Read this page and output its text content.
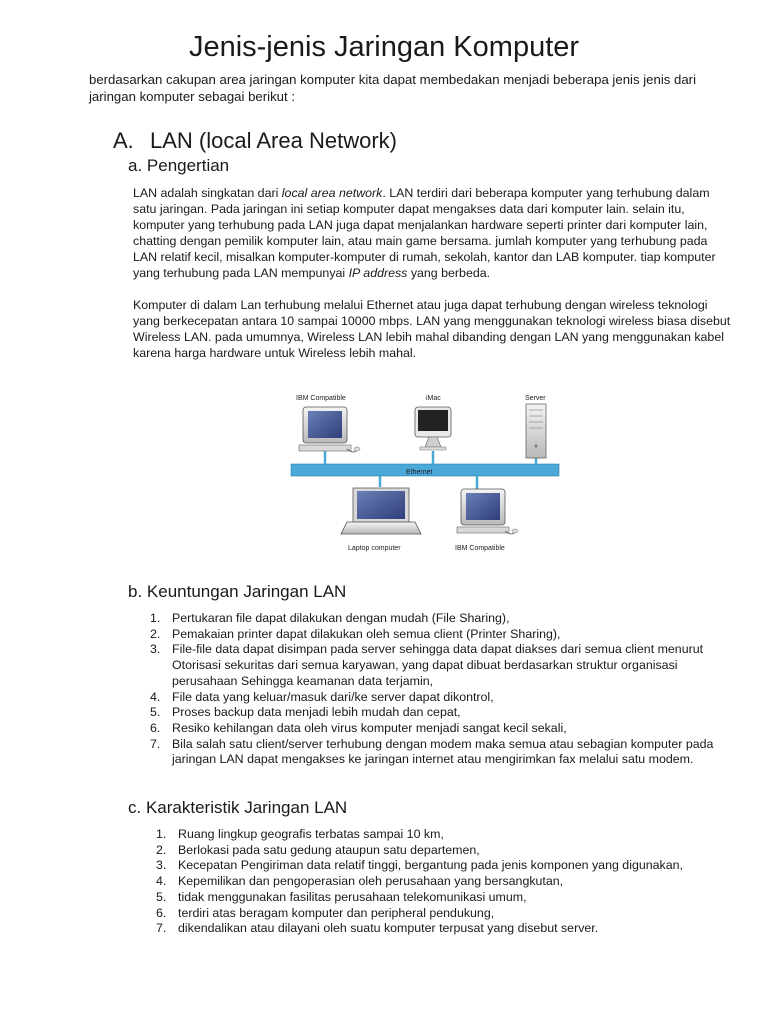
Jenis-jenis Jaringan Komputer
berdasarkan cakupan area jaringan komputer kita dapat membedakan menjadi beberapa jenis jenis dari jaringan komputer sebagai berikut :
A. LAN (local Area Network)
a. Pengertian

LAN adalah singkatan dari local area network. LAN terdiri dari beberapa komputer yang terhubung dalam satu jaringan. Pada jaringan ini setiap komputer dapat mengakses data dari komputer lain. selain itu, komputer yang terhubung pada LAN juga dapat menjalankan hardware seperti printer dari komputer lain, chatting dengan pemilik komputer lain, atau main game bersama. jumlah komputer yang terhubung pada LAN relatif kecil, misalkan komputer-komputer di rumah, sekolah, kantor dan LAB komputer. tiap komputer yang terhubung pada LAN mempunyai IP address yang berbeda.

Komputer di dalam Lan terhubung melalui Ethernet atau juga dapat terhubung dengan wireless teknologi yang berkecepatan antara 10 sampai 10000 mbps. LAN yang menggunakan teknologi wireless biasa disebut Wireless LAN. pada umumnya, Wireless LAN lebih mahal dibanding dengan LAN yang menggunakan kabel karena harga hardware untuk Wireless lebih mahal.

Ethernet
IBM Compatible	iMac	Server
Laptop computer	IBM Compatible
b. Keuntungan Jaringan LAN
1. Pertukaran file dapat dilakukan dengan mudah (File Sharing),
2. Pemakaian printer dapat dilakukan oleh semua client (Printer Sharing),
3. File-file data dapat disimpan pada server sehingga data dapat diakses dari semua client menurut Otorisasi sekuritas dari semua karyawan, yang dapat dibuat berdasarkan struktur organisasi perusahaan Sehingga keamanan data terjamin,
4. File data yang keluar/masuk dari/ke server dapat dikontrol,
5. Proses backup data menjadi lebih mudah dan cepat,
6. Resiko kehilangan data oleh virus komputer menjadi sangat kecil sekali,
7. Bila salah satu client/server terhubung dengan modem maka semua atau sebagian komputer pada jaringan LAN dapat mengakses ke jaringan internet atau mengirimkan fax melalui satu modem.
c. Karakteristik Jaringan LAN
1. Ruang lingkup geografis terbatas sampai 10 km,
2. Berlokasi pada satu gedung ataupun satu departemen,
3. Kecepatan Pengiriman data relatif tinggi, bergantung pada jenis komponen yang digunakan,
4. Kepemilikan dan pengoperasian oleh perusahaan yang bersangkutan,
5. tidak menggunakan fasilitas perusahaan telekomunikasi umum,
6. terdiri atas beragam komputer dan peripheral pendukung,
7. dikendalikan atau dilayani oleh suatu komputer terpusat yang disebut server.
